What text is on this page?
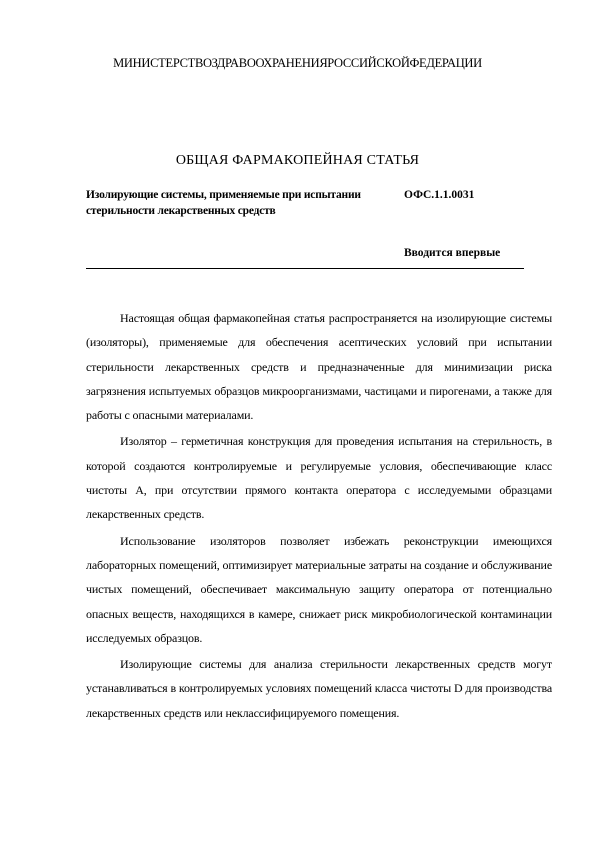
МИНИСТЕРСТВО ЗДРАВООХРАНЕНИЯ РОССИЙСКОЙ ФЕДЕРАЦИИ
ОБЩАЯ ФАРМАКОПЕЙНАЯ СТАТЬЯ
Изолирующие системы, применяемые при испытании стерильности лекарственных средств
ОФС.1.1.0031
Вводится впервые

Настоящая общая фармакопейная статья распространяется на изолирующие системы (изоляторы), применяемые для обеспечения асептических условий при испытании стерильности лекарственных средств и предназначенные для минимизации риска загрязнения испытуемых образцов микроорганизмами, частицами и пирогенами, а также для работы с опасными материалами.

Изолятор – герметичная конструкция для проведения испытания на стерильность, в которой создаются контролируемые и регулируемые условия, обеспечивающие класс чистоты А, при отсутствии прямого контакта оператора с исследуемыми образцами лекарственных средств.

Использование изоляторов позволяет избежать реконструкции имеющихся лабораторных помещений, оптимизирует материальные затраты на создание и обслуживание чистых помещений, обеспечивает максимальную защиту оператора от потенциально опасных веществ, находящихся в камере, снижает риск микробиологической контаминации исследуемых образцов.

Изолирующие системы для анализа стерильности лекарственных средств могут устанавливаться в контролируемых условиях помещений класса чистоты D для производства лекарственных средств или неклассифицируемого помещения.
